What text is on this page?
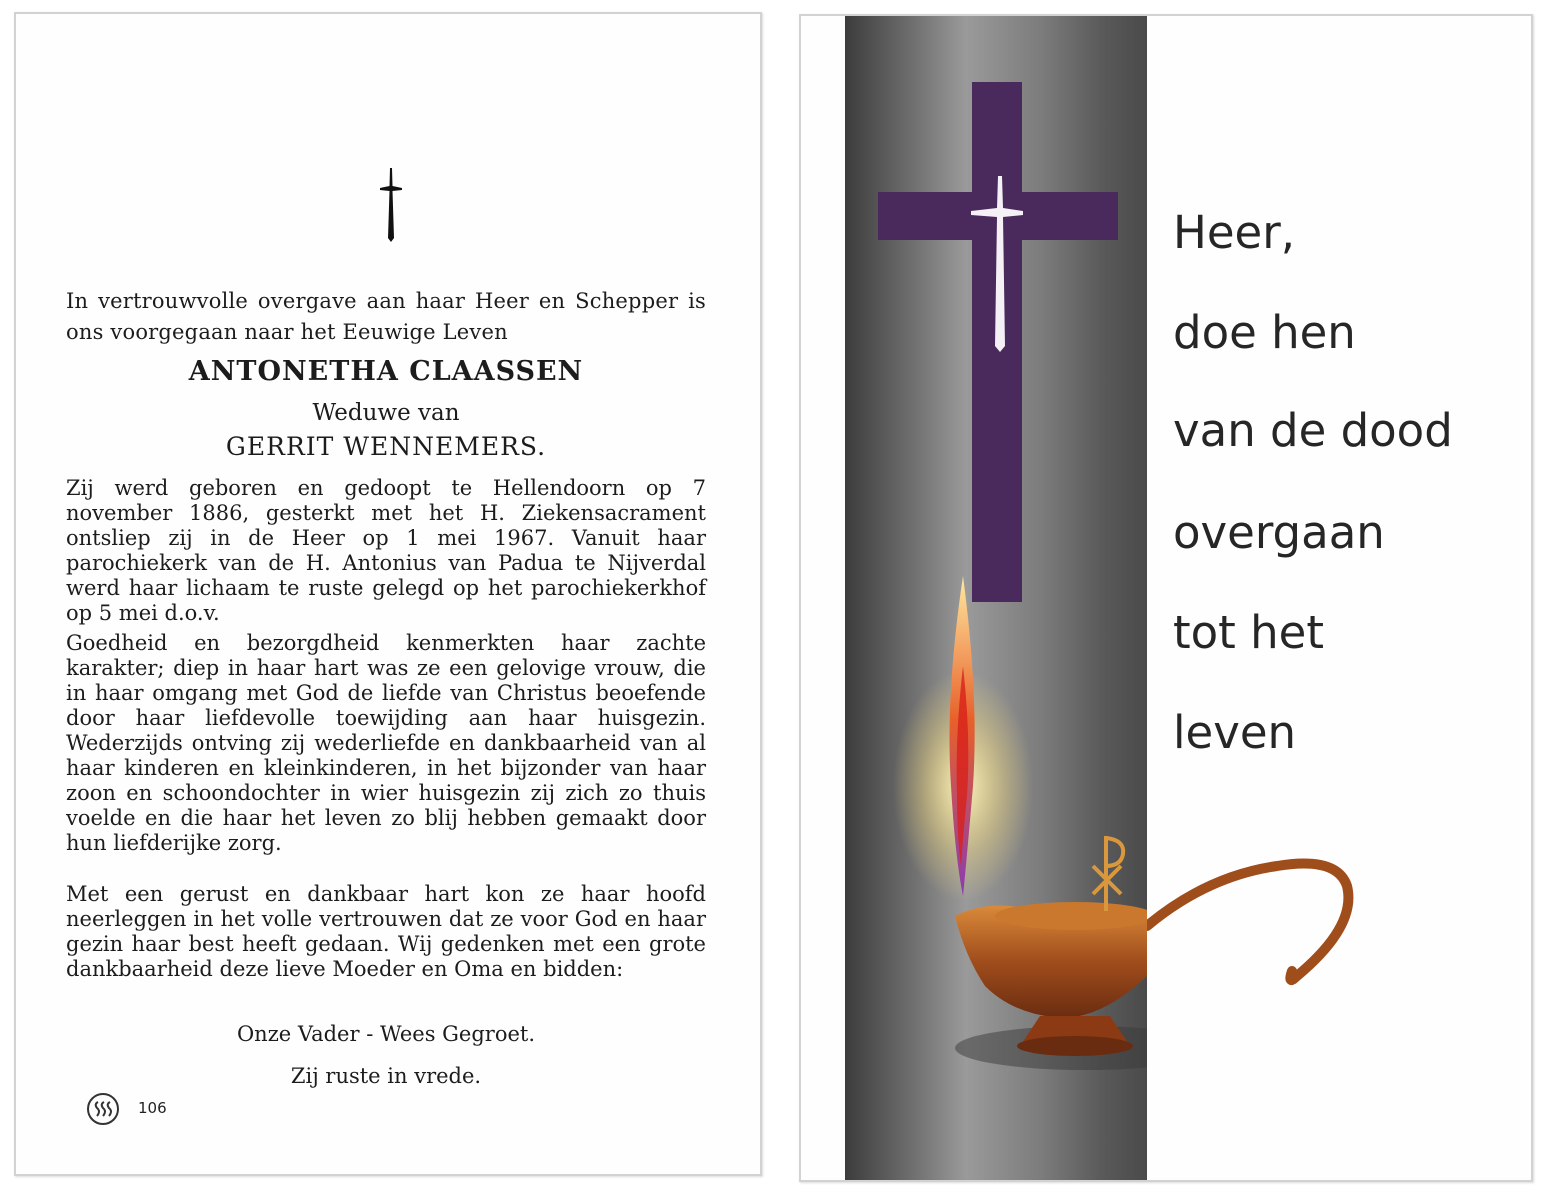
In vertrouwvolle overgave aan haar Heer en Schepper is ons voorgegaan naar het Eeuwige Leven
ANTONETHA CLAASSEN
Weduwe van
GERRIT WENNEMERS.
Zij werd geboren en gedoopt te Hellendoorn op 7 november 1886, gesterkt met het H. Ziekensacrament ontsliep zij in de Heer op 1 mei 1967. Vanuit haar parochiekerk van de H. Antonius van Padua te Nijverdal werd haar lichaam te ruste gelegd op het parochiekerkhof op 5 mei d.o.v.
Goedheid en bezorgdheid kenmerkten haar zachte karakter; diep in haar hart was ze een gelovige vrouw, die in haar omgang met God de liefde van Christus beoefende door haar liefdevolle toewijding aan haar huisgezin. Wederzijds ontving zij wederliefde en dankbaarheid van al haar kinderen en kleinkinderen, in het bijzonder van haar zoon en schoondochter in wier huisgezin zij zich zo thuis voelde en die haar het leven zo blij hebben gemaakt door hun liefderijke zorg.
Met een gerust en dankbaar hart kon ze haar hoofd neerleggen in het volle vertrouwen dat ze voor God en haar gezin haar best heeft gedaan. Wij gedenken met een grote dankbaarheid deze lieve Moeder en Oma en bidden:
Onze Vader - Wees Gegroet.
Zij ruste in vrede.
106
Heer,
doe hen
van de dood
overgaan
tot het
leven
